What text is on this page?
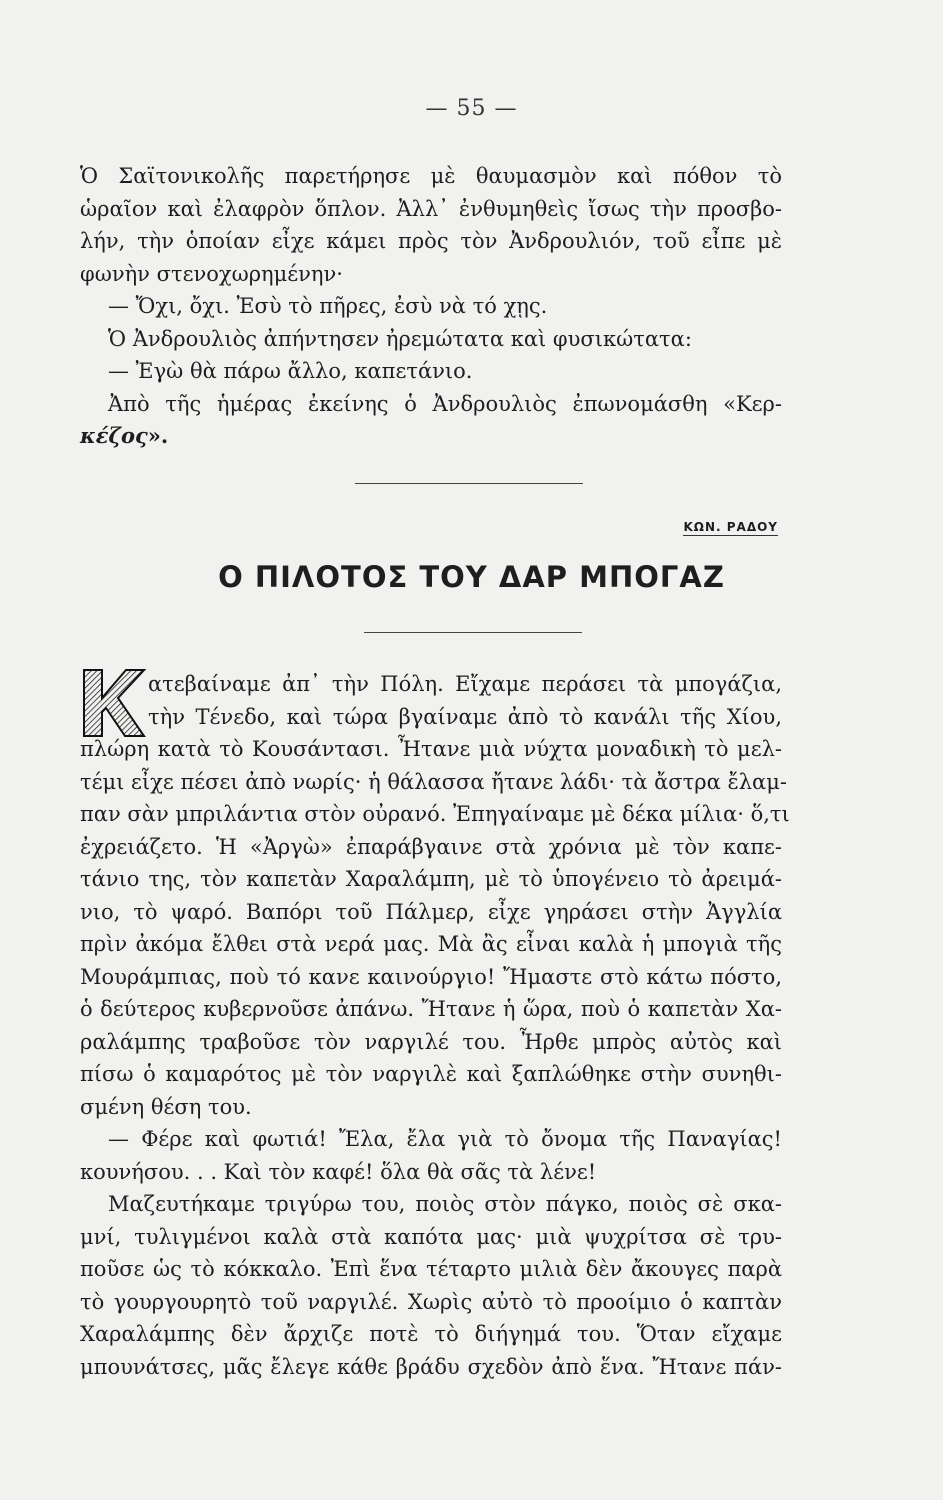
— 55 —
Ὁ Σαϊτονικολῆς παρετήρησε μὲ θαυμασμὸν καὶ πόθον τὸ
ὡραῖον καὶ ἐλαφρὸν ὅπλον. Ἀλλ᾽ ἐνθυμηθεὶς ἴσως τὴν προσβο-
λήν, τὴν ὁποίαν εἶχε κάμει πρὸς τὸν Ἀνδρουλιόν, τοῦ εἶπε μὲ
φωνὴν στενοχωρημένην·
— Ὄχι, ὄχι. Ἐσὺ τὸ πῆρες, ἐσὺ νὰ τό χῃς.
Ὁ Ἀνδρουλιὸς ἀπήντησεν ἠρεμώτατα καὶ φυσικώτατα:
— Ἐγὼ θὰ πάρω ἄλλο, καπετάνιο.
Ἀπὸ τῆς ἡμέρας ἐκείνης ὁ Ἀνδρουλιὸς ἐπωνομάσθη «Κερ-
κέζος».
ΚΩΝ. ΡΑΔΟΥ
Ο ΠΙΛΟΤΟΣ ΤΟΥ ΔΑΡ ΜΠΟΓΑΖ
ατεβαίναμε ἀπ᾽ τὴν Πόλη. Εἴχαμε περάσει τὰ μπογάζια,
τὴν Τένεδο, καὶ τώρα βγαίναμε ἀπὸ τὸ κανάλι τῆς Χίου,
πλώρη κατὰ τὸ Κουσάντασι. Ἦτανε μιὰ νύχτα μοναδικὴ τὸ μελ-
τέμι εἶχε πέσει ἀπὸ νωρίς· ἡ θάλασσα ἤτανε λάδι· τὰ ἄστρα ἔλαμ-
παν σὰν μπριλάντια στὸν οὐρανό. Ἐπηγαίναμε μὲ δέκα μίλια· ὅ,τι
ἐχρειάζετο. Ἡ «Ἀργὼ» ἐπαράβγαινε στὰ χρόνια μὲ τὸν καπε-
τάνιο της, τὸν καπετὰν Χαραλάμπη, μὲ τὸ ὑπογένειο τὸ ἀρειμά-
νιο, τὸ ψαρό. Βαπόρι τοῦ Πάλμερ, εἶχε γηράσει στὴν Ἀγγλία
πρὶν ἀκόμα ἔλθει στὰ νερά μας. Μὰ ἂς εἶναι καλὰ ἡ μπογιὰ τῆς
Μουράμπιας, ποὺ τό κανε καινούργιο! Ἤμαστε στὸ κάτω πόστο,
ὁ δεύτερος κυβερνοῦσε ἀπάνω. Ἤτανε ἡ ὥρα, ποὺ ὁ καπετὰν Χα-
ραλάμπης τραβοῦσε τὸν ναργιλέ του. Ἦρθε μπρὸς αὐτὸς καὶ
πίσω ὁ καμαρότος μὲ τὸν ναργιλὲ καὶ ξαπλώθηκε στὴν συνηθι-
σμένη θέση του.
— Φέρε καὶ φωτιά! Ἔλα, ἔλα γιὰ τὸ ὄνομα τῆς Παναγίας!
κουνήσου. . . Καὶ τὸν καφέ! ὅλα θὰ σᾶς τὰ λένε!
Μαζευτήκαμε τριγύρω του, ποιὸς στὸν πάγκο, ποιὸς σὲ σκα-
μνί, τυλιγμένοι καλὰ στὰ καπότα μας· μιὰ ψυχρίτσα σὲ τρυ-
ποῦσε ὡς τὸ κόκκαλο. Ἐπὶ ἕνα τέταρτο μιλιὰ δὲν ἄκουγες παρὰ
τὸ γουργουρητὸ τοῦ ναργιλέ. Χωρὶς αὐτὸ τὸ προοίμιο ὁ καπτὰν
Χαραλάμπης δὲν ἄρχιζε ποτὲ τὸ διήγημά του. Ὅταν εἴχαμε
μπουνάτσες, μᾶς ἔλεγε κάθε βράδυ σχεδὸν ἀπὸ ἕνα. Ἤτανε πάν-
